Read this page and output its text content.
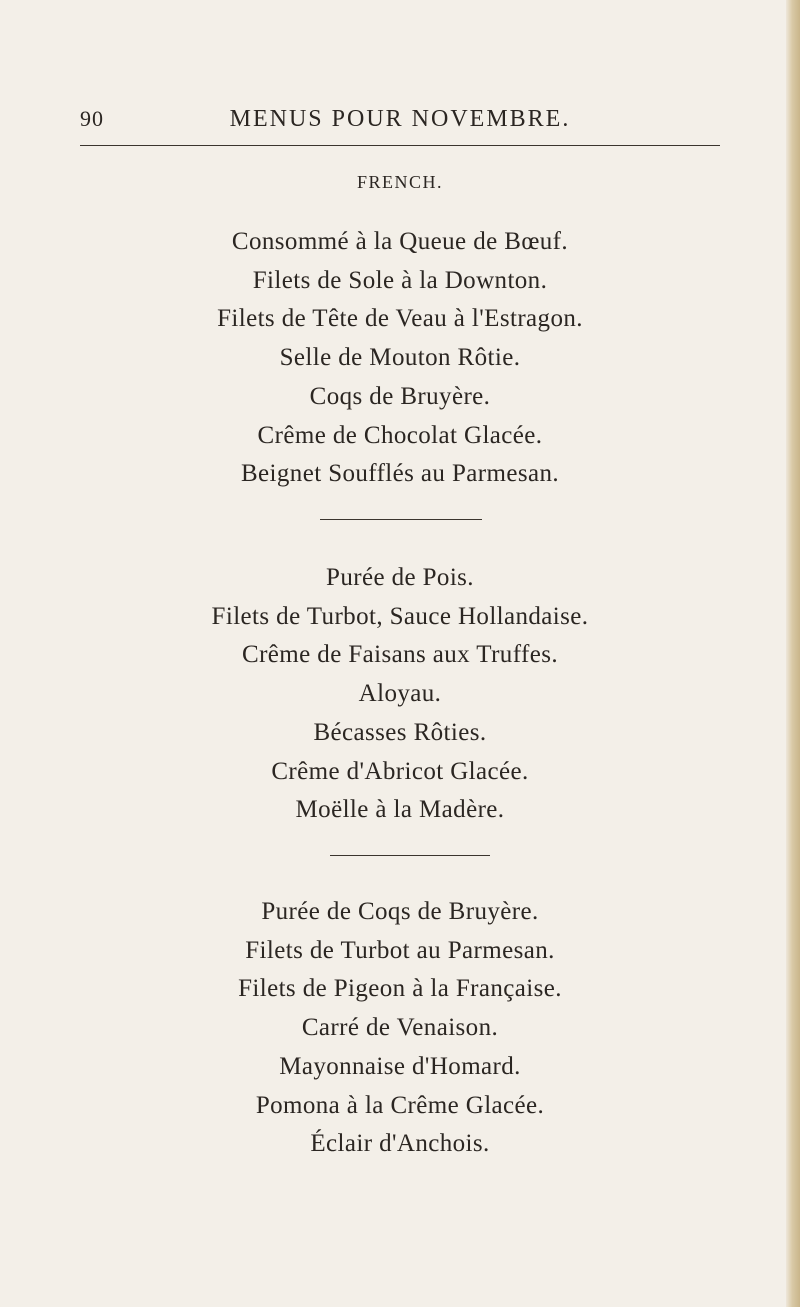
90	MENUS POUR NOVEMBRE.
FRENCH.
Consommé à la Queue de Bœuf.
Filets de Sole à la Downton.
Filets de Tête de Veau à l'Estragon.
Selle de Mouton Rôtie.
Coqs de Bruyère.
Crême de Chocolat Glacée.
Beignet Soufflés au Parmesan.
Purée de Pois.
Filets de Turbot, Sauce Hollandaise.
Crême de Faisans aux Truffes.
Aloyau.
Bécasses Rôties.
Crême d'Abricot Glacée.
Moëlle à la Madère.
Purée de Coqs de Bruyère.
Filets de Turbot au Parmesan.
Filets de Pigeon à la Française.
Carré de Venaison.
Mayonnaise d'Homard.
Pomona à la Crême Glacée.
Éclair d'Anchois.
